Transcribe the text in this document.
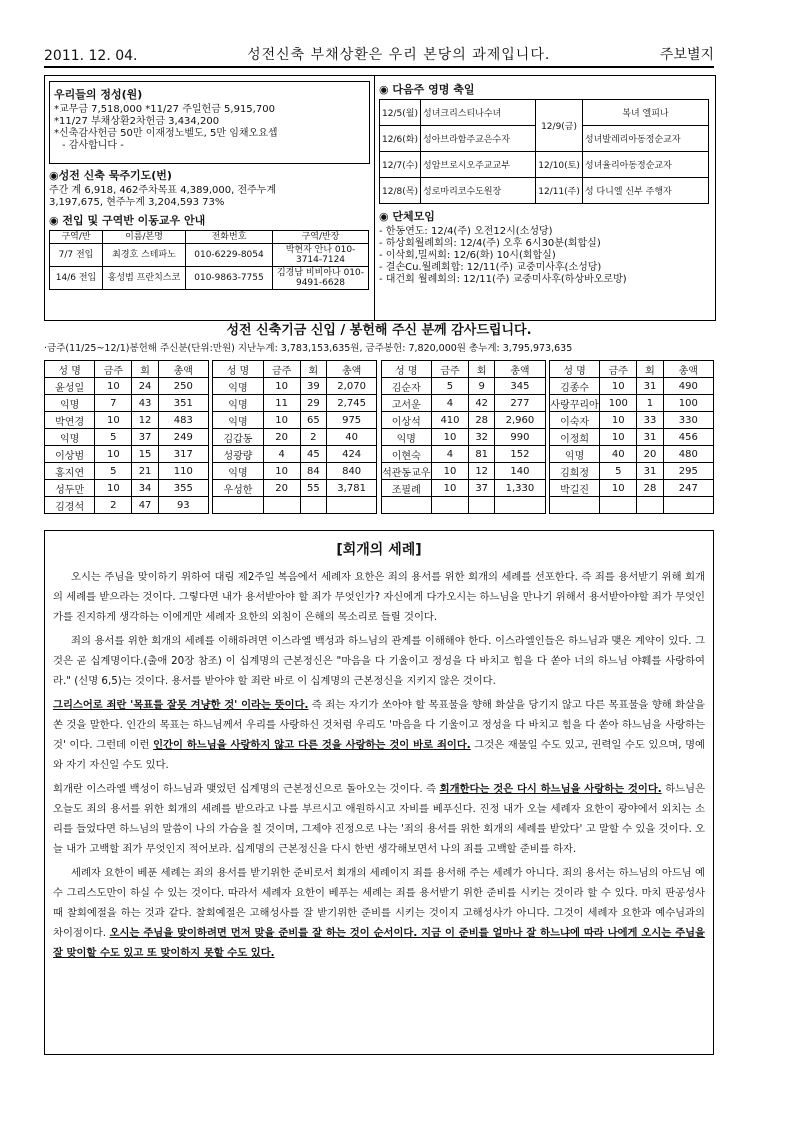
2011. 12. 04.	성전신축 부채상환은 우리 본당의 과제입니다.	주보별지
우리들의 정성(원)
*교무금 7,518,000 *11/27 주일헌금 5,915,700
*11/27 부채상환2차헌금 3,434,200
*신축감사헌금 50만 이재정노벨도, 5만 임채오요셉
- 감사합니다 -
◉성전 신축 묵주기도(번)
주간 계 6,918, 462주차목표 4,389,000, 전주누계
3,197,675, 현주누계 3,204,593 73%
◉ 전입 및 구역반 이동교우 안내
구역/반	이름/본명	전화번호	구역/반장
7/7 전입	최경호 스테파노	010-6229-8054	박현자 안나 010-3714-7124
14/6 전입	홍성범 프란치스코	010-9863-7755	김경남 비비아나 010-9491-6628
◉ 다음주 영명 축일
12/5(월)	성녀크리스티나수녀	12/9(금)	복녀 엘피나
12/6(화)	성아브라함주교은수자		성녀발레리아동정순교자
12/7(수)	성암브로시오주교교부	12/10(토)	성녀율리아동정순교자
12/8(목)	성로마리코수도원장	12/11(주)	성 다니엘 신부 주행자
◉ 단체모임
- 한동연도: 12/4(주) 오전12시(소성당)
- 하상회월례회의: 12/4(주) 오후 6시30분(회합실)
- 이삭회,밀씨회: 12/6(화) 10시(회합실)
- 결손Cu.월례회합: 12/11(주) 교중미사후(소성당)
- 대건회 월례회의: 12/11(주) 교중미사후(하상바오로방)
성전 신축기금 신입 / 봉헌해 주신 분께 감사드립니다.
·금주(11/25~12/1)봉헌해 주신분(단위:만원) 지난누계: 3,783,153,635원, 금주봉헌: 7,820,000원 총누계: 3,795,973,635
성 명	금주	회	총액		성 명	금주	회	총액		성 명	금주	회	총액		성 명	금주	회	총액
윤성일	10	24	250		익명	10	39	2,070		김순자	5	9	345		김종수	10	31	490
익명	7	43	351		익명	11	29	2,745		고서운	4	42	277		사랑꾸리아	100	1	100
박연경	10	12	483		익명	10	65	975		이상석	410	28	2,960		이숙자	10	33	330
익명	5	37	249		김갑동	20	2	40		익명	10	32	990		이정희	10	31	456
이상범	10	15	317		성광량	4	45	424		이현숙	4	81	152		익명	40	20	480
홍지연	5	21	110		익명	10	84	840		석관동교우	10	12	140		김희정	5	31	295
성두만	10	34	355		우성한	20	55	3,781		조필례	10	37	1,330		박길진	10	28	247
김경석	2	47	93															
[회개의 세례]

오시는 주님을 맞이하기 위하여 대림 제2주일 복음에서 세례자 요한은 죄의 용서를 위한 회개의 세례를 선포한다. 즉 죄를 용서받기 위해 회개의 세례를 받으라는 것이다. 그렇다면 내가 용서받아야 할 죄가 무엇인가? 자신에게 다가오시는 하느님을 만나기 위해서 용서받아야할 죄가 무엇인가를 진지하게 생각하는 이에게만 세례자 요한의 외침이 은해의 목소리로 들릴 것이다.

죄의 용서를 위한 회개의 세례를 이해하려면 이스라엘 백성과 하느님의 관계를 이해해야 한다. 이스라엘인들은 하느님과 맺은 계약이 있다. 그것은 곧 십계명이다.(출애 20장 참조) 이 십계명의 근본정신은 "마음을 다 기울이고 정성을 다 바치고 힘을 다 쏟아 너의 하느님 야훼를 사랑하여라." (신명 6,5)는 것이다. 용서를 받아야 할 죄란 바로 이 십계명의 근본정신을 지키지 않은 것이다.

그리스어로 죄란 '목표를 잘못 겨냥한 것' 이라는 뜻이다. 즉 죄는 자기가 쏘아야 할 목표물을 향해 화살을 당기지 않고 다른 목표물을 향해 화살을 쏜 것을 말한다. 인간의 목표는 하느님께서 우리를 사랑하신 것처럼 우리도 '마음을 다 기울이고 정성을 다 바치고 힘을 다 쏟아 하느님을 사랑하는 것' 이다. 그런데 이런 인간이 하느님을 사랑하지 않고 다른 것을 사랑하는 것이 바로 죄이다. 그것은 재물일 수도 있고, 권력일 수도 있으며, 명예와 자기 자신일 수도 있다.

회개란 이스라엘 백성이 하느님과 맺었던 십계명의 근본정신으로 돌아오는 것이다. 즉 회개한다는 것은 다시 하느님을 사랑하는 것이다. 하느님은 오늘도 죄의 용서를 위한 회개의 세례를 받으라고 나를 부르시고 애원하시고 자비를 베푸신다. 진정 내가 오늘 세례자 요한이 광야에서 외치는 소리를 들었다면 하느님의 말씀이 나의 가슴을 칠 것이며, 그제야 진정으로 나는 '죄의 용서를 위한 회개의 세례를 받았다' 고 말할 수 있을 것이다. 오늘 내가 고백할 죄가 무엇인지 적어보라. 십계명의 근본정신을 다시 한번 생각해보면서 나의 죄를 고백할 준비를 하자.

세례자 요한이 베푼 세례는 죄의 용서를 받기위한 준비로서 회개의 세례이지 죄를 용서해 주는 세례가 아니다. 죄의 용서는 하느님의 아드님 예수 그리스도만이 하실 수 있는 것이다. 따라서 세례자 요한이 베푸는 세례는 죄를 용서받기 위한 준비를 시키는 것이라 할 수 있다. 마치 판공성사때 찰회예절을 하는 것과 같다. 찰회예절은 고해성사를 잘 받기위한 준비를 시키는 것이지 고해성사가 아니다. 그것이 세례자 요한과 예수님과의 차이점이다. 오시는 주님을 맞이하려면 먼저 맞을 준비를 잘 하는 것이 순서이다. 지금 이 준비를 얼마나 잘 하느냐에 따라 나에게 오시는 주님을 잘 맞이할 수도 있고 또 맞이하지 못할 수도 있다.
